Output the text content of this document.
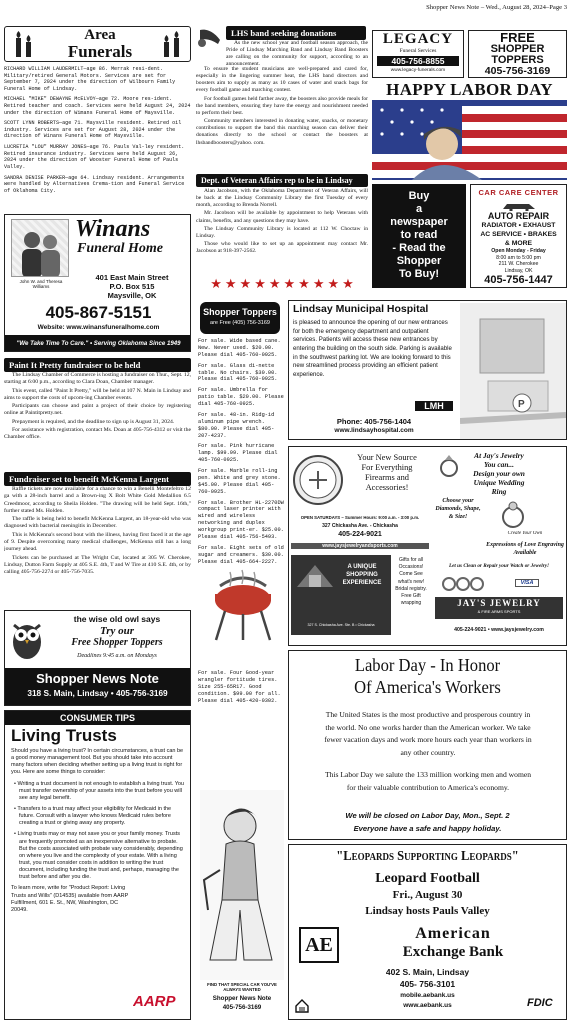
Area
Funerals

RICHARD WILLIAM LAUDERMILT—age 86. Merrak resi-dent. Military/retired General Motors. Services are set for September 7, 2024 under the direction of Wilbourn Family Funeral Home of Lindsay.

MICHAEL "MIKE" DEWAYNE McELVOY—age 72. Moore res-ident. Retired teacher and coach. Services were held August 24, 2024 under the direction of Wimans Funeral Home of Maysville.

SCOTT LYNN ROBERTS—age 71. Maysville resident. Retired oil industry. Services are set for August 28, 2024 under the direction of Winans Funeral Home of Maysville.

LUCRETIA "LOU" MURRAY JONES—age 76. Pauls Val-ley resident. Retired insurance industry. Services were held August 26, 2024 under the direction of Wooster Funeral Home of Pauls Valley.

SANDRA DENISE PARKER—age 64. Lindsay resident. Arrangements were handled by Alternatives Crema-tion and Funeral Service of Oklahoma City.

John W. and Theresa Williams
Winans
Funeral Home
401 East Main Street
P.O. Box 515
Maysville, OK
405-867-5151
Website: www.winansfuneralhome.com
"We Take Time To Care." • Serving Oklahoma Since 1949
Paint It Pretty fundraiser to be held

The Lindsay Chamber of Commerce is hosting a fundraiser on Thur., Sept. 12, starting at 6:00 p.m., according to Clara Doan, Chamber manager.

This event, called "Paint It Pretty," will be held at 107 N. Main in Lindsay and aims to support the costs of upcom-ing Chamber events.

Participants can choose and paint a project of their choice by registering online at Paintitpretty.net.

Prepayment is required, and the deadline to sign up is August 31, 2024.

For assistance with registration, contact Ms. Doan at 405-756-4312 or visit the Chamber office.

Fundraiser set to beneift McKenna Largent

Raffle tickets are now available for a chance to win a Benelli Montefeltro 12 ga with a 28-inch barrel and a Brown-ing X Bolt White Gold Medallion 6.5 Creedmoor, according to Sheila Holden. "The drawing will be held Sept. 16th," further stated Ms. Holden.

The raffle is being held to benefit McKenna Largent, an 18-year-old who was diagnosed with bacterial meningitis in December.

This is McKenna's second bout with the illness, having first faced it at the age of 9. Despite overcoming many medical challenges, McKenna still has a long journey ahead.

Tickets can be purchased at The Wright Cut, located at 305 W. Cherokee, Lindsay, Dutton Farm Supply at 405 S.E. 4th, T and W Tire at 410 S.E. 4th, or by calling 405-756-2274 or 405-756-7035.

the wise old owl says
Try our
Free Shopper Toppers
Deadlines 9:45 a.m. on Mondays
Shopper News Note
318 S. Main, Lindsay • 405-756-3169
CONSUMER TIPS
Living Trusts

Should you have a living trust? In certain circumstances, a trust can be a good money management tool. But you should take into account many factors when deciding whether setting up a living trust is right for you. Here are some things to consider:

• Writing a trust document is not enough to establish a living trust. You must transfer ownership of your assets into the trust before you will see any legal benefit.

• Transfers to a trust may affect your eligibility for Medicaid in the future. Consult with a lawyer who knows Medicaid rules before creating a trust or giving away any property.

• Living trusts may or may not save you or your family money. Trusts are frequently promoted as an inexpensive alternative to probate. But the costs associated with probate vary considerably, depending on where you live and the complexity of your estate. With a living trust, you must consider costs in addition to writing the trust document, including funding the trust and, perhaps, managing the trust before and after you die.

To learn more, write for "Product Report: Living Trusts and Wills" (D14535) available from AARP Fulfillment, 601 E. St., NW, Washington, DC 20049.

AARP
LHS band seeking donations

As the new school year and football season approach, the Pride of Lindsay Marching Band and Lindsay Band Boosters are calling on the community for support, according to an announcement.

To ensure the student musicians are well-prepared and cared for, especially in the lingering summer heat, the LHS band directors and boosters aim to supply as many as 10 cases of water and snack bags for every football game and marching contest.

For football games held farther away, the boosters also provide meals for the band members, ensuring they have the energy and nourishment needed to perform their best.

Community members interested in donating water, snacks, or monetary contributions to support the band this marching season can deliver their donations directly to the school or contact the boosters at lhsbandboosters@yahoo. com.

Dept. of Veteran Affairs rep to be in Lindsay

Alan Jacobson, with the Oklahoma Department of Veteran Affairs, will be back at the Lindsay Community Library the first Tuesday of every month, according to Brenda Norrell.

Mr. Jacobson will be available by appointment to help Veterans with claims, benefits, and any questions they may have.

The Lindsay Community Library is located at 112 W. Choctaw in Lindsay.

Those who would like to set up an appointment may contact Mr. Jacobson at 918-397-2562.

★ ★ ★ ★ ★ ★ ★ ★ ★ ★
Shopper Toppers
are Free (405) 756-3169

For sale. Wide based cane. New. Never used. $20.00. Please dial 405-760-0925.

For sale. Glass di-nette table. No chairs. $30.00. Please dial 405-760-0925.

For sale. Umbrella for patio table. $20.00. Please dial 405-760-0925.

For sale. 48-in. Ridg-id aluminum pipe wrench. $80.00. Please dial 405-207-4237.

For sale. Pink hurricane lamp. $99.99. Please dial 405-760-0925.

For sale. Marble roll-ing pen. White and grey stone. $45.00. Please dial 405-760-0925.

For sale. Brother HL-2270DW compact laser printer with wired and wireless networking and duplex workgroup print-er. $25.00. Please dial 405-756-5493.

For sale. Eight sets of old sugar and creamers. $30.00. Please dial 405-664-2227.

For sale. Four Good-year wrangler fortitude tires. Size 255-65R17. Good condition. $99.00 for all. Please dial 405-420-0302.

FIND THAT SPECIAL CAR YOU'VE ALWAYS WANTED
Shopper News Note
405-756-3169
Shopper News Note – Wed., August 28, 2024–Page 3
LEGACY
Funeral Services
405-756-8855
www.legacy-funerals.com
FREE
SHOPPER
TOPPERS
405-756-3169
HAPPY LABOR DAY
Buy
a
newspaper
to read
- Read the
Shopper
To Buy!
CAR CARE CENTER
AUTO REPAIR
RADIATOR • EXHAUST
AC SERVICE • BRAKES
& MORE
Open Monday - Friday
8:00 am to 5:00 pm
211 W. Cherokee
Lindsay, OK
405-756-1447
Lindsay Municipal Hospital
is pleased to announce the opening of our new entrances for both the emergency department and outpatient services. Patients will access these new entrances by entering the building on the south side. Parking is available in the southwest parking lot. We are looking forward to this new streamlined process providing an efficient patient experience.
LMH
Phone: 405-756-1404
www.lindsayhospital.com
P
Your New Source
For Everything
Firearms and
Accessories!
OPEN SATURDAYS – Summer Hours: 9:00 a.m. - 3:00 p.m.
327 Chickasha Ave. - Chickasha
405-224-9021
www.jaysjewelryandsports.com
A UNIQUE SHOPPING EXPERIENCE
327 S. Chickasha Ave. Ste. B • Chickasha
Gifts for all Occasions! Come See what's new! Bridal registry. Free Gift wrapping
At Jay's Jewelry
You can...
Design your own
Unique Wedding
Ring
Choose your Diamonds, Shape, & Size!
Create Your Own
Expressions of Love Engraving Available
Let us Clean or Repair your Watch or Jewelry!
VISA
JAY'S JEWELRY
& FIRE ARMS SPORTS
405-224-9021 • www.jaysjewelry.com
Labor Day - In Honor
Of America's Workers
The United States is the most productive and prosperous country in the world. No one works harder than the American worker. We take fewer vacation days and work more hours each year than workers in any other country.
This Labor Day we salute the 133 million working men and women for their valuable contribution to America's economy.
We will be closed on Labor Day, Mon., Sept. 2
Everyone have a safe and happy holiday.
"Leopards Supporting Leopards"
Leopard Football
Fri., August 30
Lindsay hosts Pauls Valley
AE
American
Exchange Bank
402 S. Main, Lindsay
405- 756-3101
mobile.aebank.us
www.aebank.us	FDIC
